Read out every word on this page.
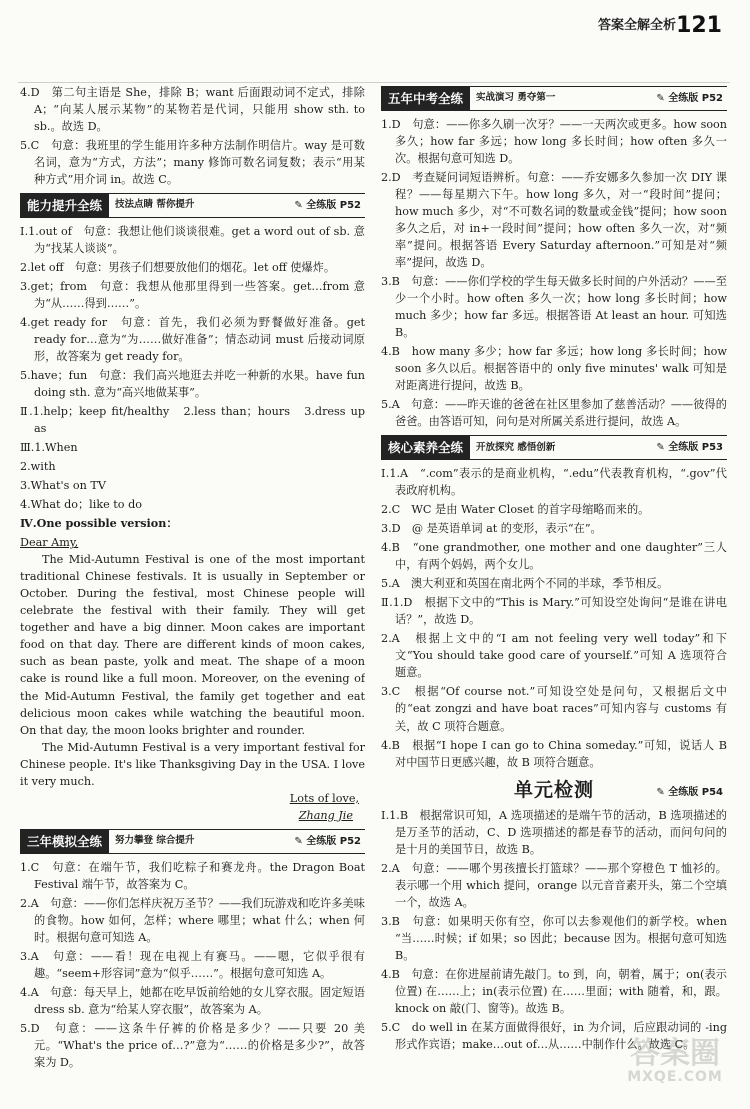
答案全解全析 121

4.D　第二句主语是 She，排除 B；want 后面跟动词不定式，排除 A；“向某人展示某物”的某物若是代词，只能用 show sth. to sb.。故选 D。

5.C　句意：我班里的学生能用许多种方法制作明信片。way 是可数名词，意为“方式，方法”；many 修饰可数名词复数；表示“用某种方式”用介词 in。故选 C。

能力提升全练	技法点睛 帮你提升	✎ 全练版 P52

Ⅰ.1.out of　句意：我想让他们谈谈很难。get a word out of sb. 意为“找某人谈谈”。

2.let off　句意：男孩子们想要放他们的烟花。let off 使爆炸。

3.get；from　句意：我想从他那里得到一些答案。get…from 意为“从……得到……”。

4.get ready for　句意：首先，我们必须为野餐做好准备。get ready for…意为“为……做好准备”；情态动词 must 后接动词原形，故答案为 get ready for。

5.have；fun　句意：我们高兴地逛去并吃一种新的水果。have fun doing sth. 意为“高兴地做某事”。

Ⅱ.1.help；keep fit/healthy　2.less than；hours　3.dress up as

Ⅲ.1.When

2.with

3.What's on TV

4.What do；like to do

Ⅳ.One possible version：

Dear Amy,

The Mid-Autumn Festival is one of the most important traditional Chinese festivals. It is usually in September or October. During the festival, most Chinese people will celebrate the festival with their family. They will get together and have a big dinner. Moon cakes are important food on that day. There are different kinds of moon cakes, such as bean paste, yolk and meat. The shape of a moon cake is round like a full moon. Moreover, on the evening of the Mid-Autumn Festival, the family get together and eat delicious moon cakes while watching the beautiful moon. On that day, the moon looks brighter and rounder.

The Mid-Autumn Festival is a very important festival for Chinese people. It's like Thanksgiving Day in the USA. I love it very much.

Lots of love,

Zhang Jie

三年模拟全练	努力攀登 综合提升	✎ 全练版 P52

1.C　句意：在端午节，我们吃粽子和赛龙舟。the Dragon Boat Festival 端午节，故答案为 C。

2.A　句意：——你们怎样庆祝万圣节？——我们玩游戏和吃许多美味的食物。how 如何，怎样；where 哪里；what 什么；when 何时。根据句意可知选 A。

3.A　句意：——看！现在电视上有赛马。——嗯，它似乎很有趣。“seem+形容词”意为“似乎……”。根据句意可知选 A。

4.A　句意：每天早上，她都在吃早饭前给她的女儿穿衣服。固定短语 dress sb. 意为“给某人穿衣服”，故答案为 A。

5.D　句意：——这条牛仔裤的价格是多少？——只要 20 美元。“What's the price of…?”意为“……的价格是多少?”，故答案为 D。

五年中考全练	实战演习 勇夺第一	✎ 全练版 P52

1.D　句意：——你多久刷一次牙？——一天两次或更多。how soon 多久；how far 多远；how long 多长时间；how often 多久一次。根据句意可知选 D。

2.D　考查疑问词短语辨析。句意：——乔安娜多久参加一次 DIY 课程？——每星期六下午。how long 多久，对一“段时间”提问；how much 多少，对“不可数名词的数量或金钱”提问；how soon 多久之后，对 in+一段时间”提问；how often 多久一次，对“频率”提问。根据答语 Every Saturday afternoon.”可知是对“频率”提问，故选 D。

3.B　句意：——你们学校的学生每天做多长时间的户外活动？——至少一个小时。how often 多久一次；how long 多长时间；how much 多少；how far 多远。根据答语 At least an hour. 可知选 B。

4.B　how many 多少；how far 多远；how long 多长时间；how soon 多久以后。根据答语中的 only five minutes' walk 可知是对距离进行提问，故选 B。

5.A　句意：——昨天谁的爸爸在社区里参加了慈善活动？——彼得的爸爸。由答语可知，问句是对所属关系进行提问，故选 A。

核心素养全练	开放探究 感悟创新	✎ 全练版 P53

Ⅰ.1.A　“.com”表示的是商业机构，“.edu”代表教育机构，“.gov”代表政府机构。

2.C　WC 是由 Water Closet 的首字母缩略而来的。

3.D　@ 是英语单词 at 的变形，表示“在”。

4.B　“one grandmother, one mother and one daughter”三人中，有两个妈妈，两个女儿。

5.A　澳大利亚和英国在南北两个不同的半球，季节相反。

Ⅱ.1.D　根据下文中的“This is Mary.”可知设空处询问“是谁在讲电话？”，故选 D。

2.A　根据上文中的“I am not feeling very well today”和下文“You should take good care of yourself.”可知 A 选项符合题意。

3.C　根据“Of course not.”可知设空处是问句，又根据后文中的“eat zongzi and have boat races”可知内容与 customs 有关，故 C 项符合题意。

4.B　根据“I hope I can go to China someday.”可知，说话人 B 对中国节日更感兴趣，故 B 项符合题意。

单元检测	✎ 全练版 P54

Ⅰ.1.B　根据常识可知，A 选项描述的是端午节的活动，B 选项描述的是万圣节的活动，C、D 选项描述的都是春节的活动，而问句问的是十月的美国节日，故选 B。

2.A　句意：——哪个男孩擅长打篮球？——那个穿橙色 T 恤衫的。表示哪一个用 which 提问，orange 以元音音素开头，第二个空填一个，故选 A。

3.B　句意：如果明天你有空，你可以去参观他们的新学校。when “当……时候；if 如果；so 因此；because 因为。根据句意可知选 B。

4.B　句意：在你进屋前请先敲门。to 到，向，朝着，属于；on(表示位置) 在……上；in(表示位置) 在……里面；with 随着，和，跟。knock on 敲(门、窗等)。故选 B。

5.C　do well in 在某方面做得很好，in 为介词，后应跟动词的 -ing 形式作宾语；make…out of…从……中制作什么。故选 C。

答案圈
MXQE.COM
